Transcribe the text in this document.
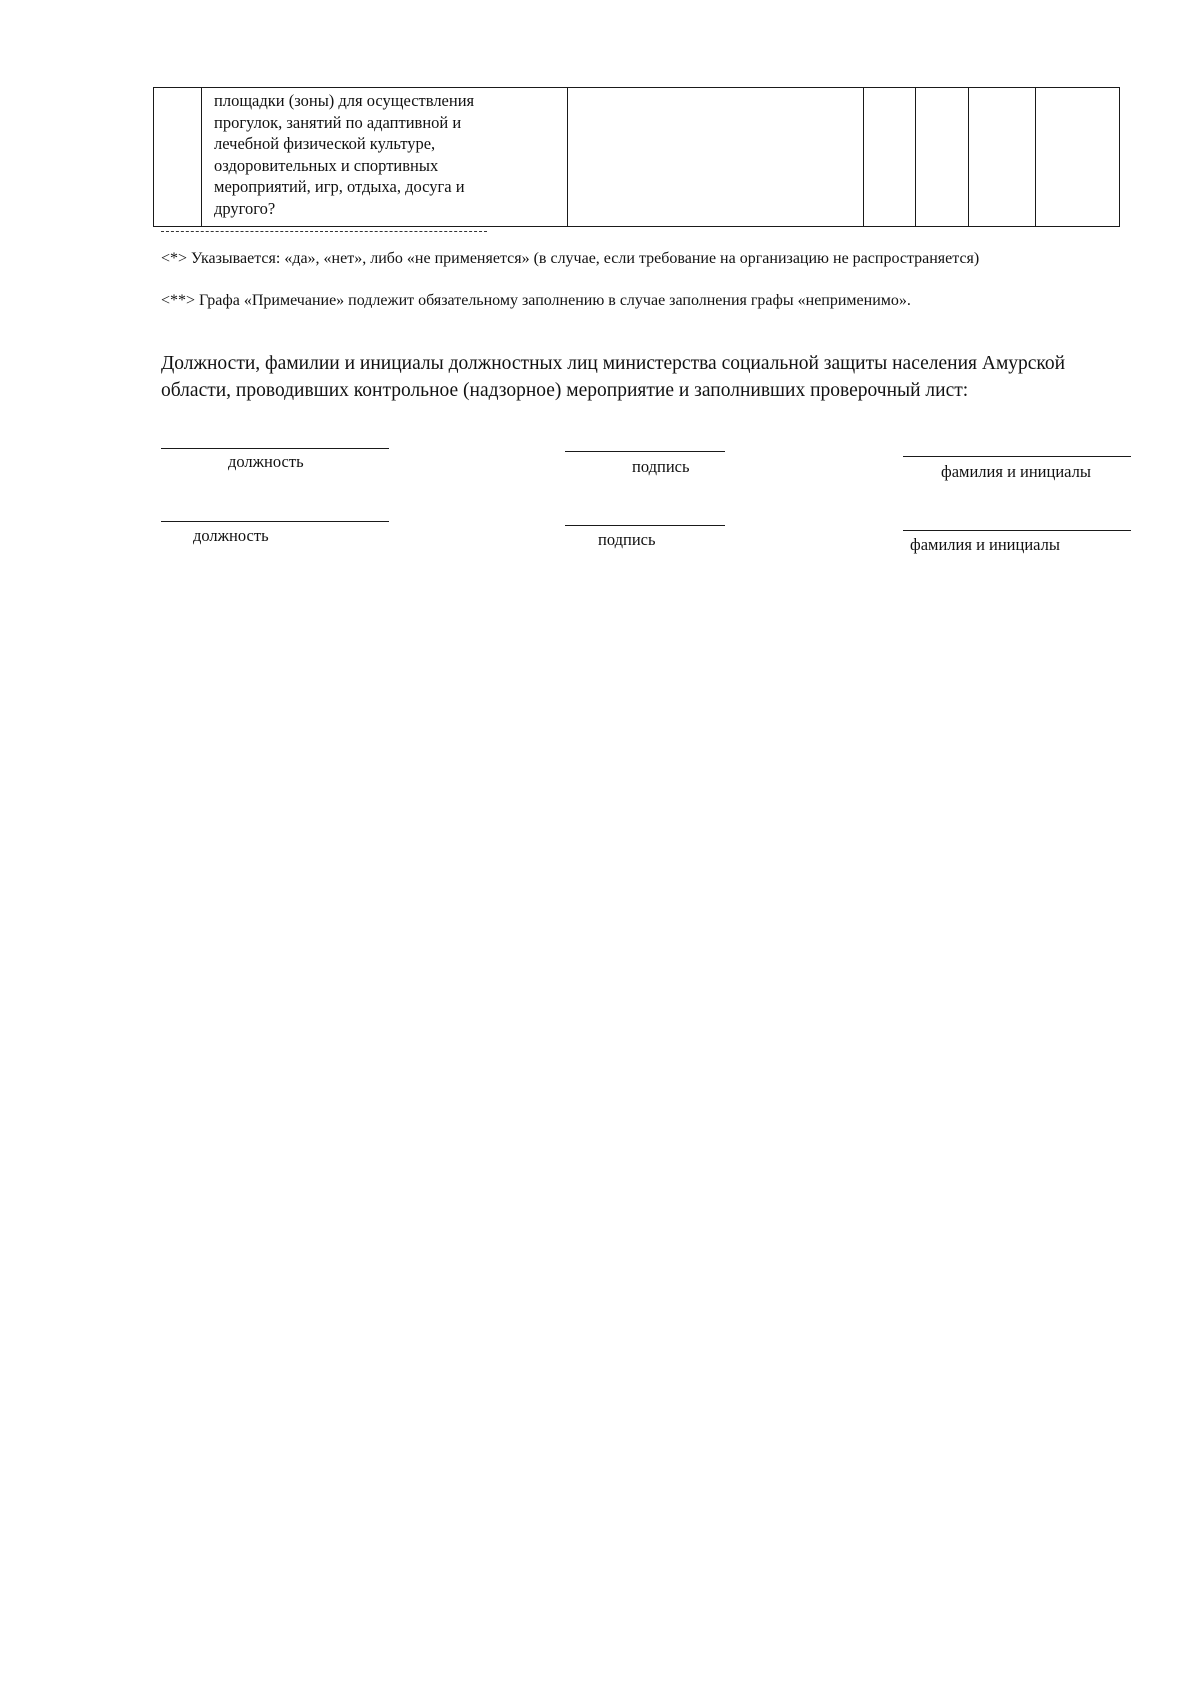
площадки (зоны) для осуществления
прогулок, занятий по адаптивной и
лечебной физической культуре,
оздоровительных и спортивных
мероприятий, игр, отдыха, досуга и
другого?

<*> Указывается: «да», «нет», либо «не применяется» (в случае, если требование на организацию не распространяется)
<**> Графа «Примечание» подлежит обязательному заполнению в случае заполнения графы «неприменимо».
Должности, фамилии и инициалы должностных лиц министерства социальной защиты населения Амурской области, проводивших контрольное (надзорное) мероприятие и заполнивших проверочный лист:
должность	подпись	фамилия и инициалы
должность	подпись	фамилия и инициалы
